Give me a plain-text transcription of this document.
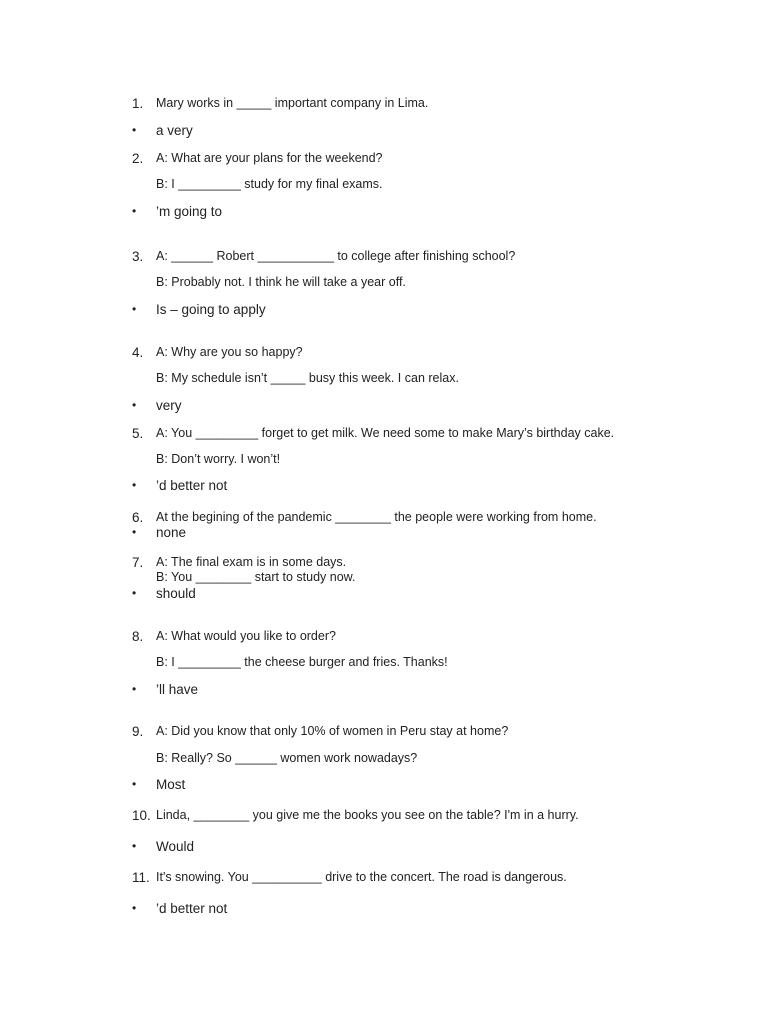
1.	Mary works in _____ important company in Lima.
• a very
2.	A: What are your plans for the weekend?
B: I _________ study for my final exams.
• ’m going to
3.	A: ______ Robert ___________ to college after finishing school?
B: Probably not. I think he will take a year off.
• Is – going to apply
4.	A: Why are you so happy?
B: My schedule isn’t _____ busy this week. I can relax.
• very
5.	A: You _________ forget to get milk. We need some to make Mary’s birthday cake.
B: Don’t worry. I won’t!
• ’d better not
6.	At the begining of the pandemic ________ the people were working from home.
• none
7.	A: The final exam is in some days.
B: You ________ start to study now.
• should
8.	A: What would you like to order?
B: I _________ the cheese burger and fries. Thanks!
• ’ll have
9.	A: Did you know that only 10% of women in Peru stay at home?
B: Really? So ______ women work nowadays?
• Most
10. Linda, ________ you give me the books you see on the table? I'm in a hurry.
• Would
11. It's snowing. You __________ drive to the concert. The road is dangerous.
• ’d better not
